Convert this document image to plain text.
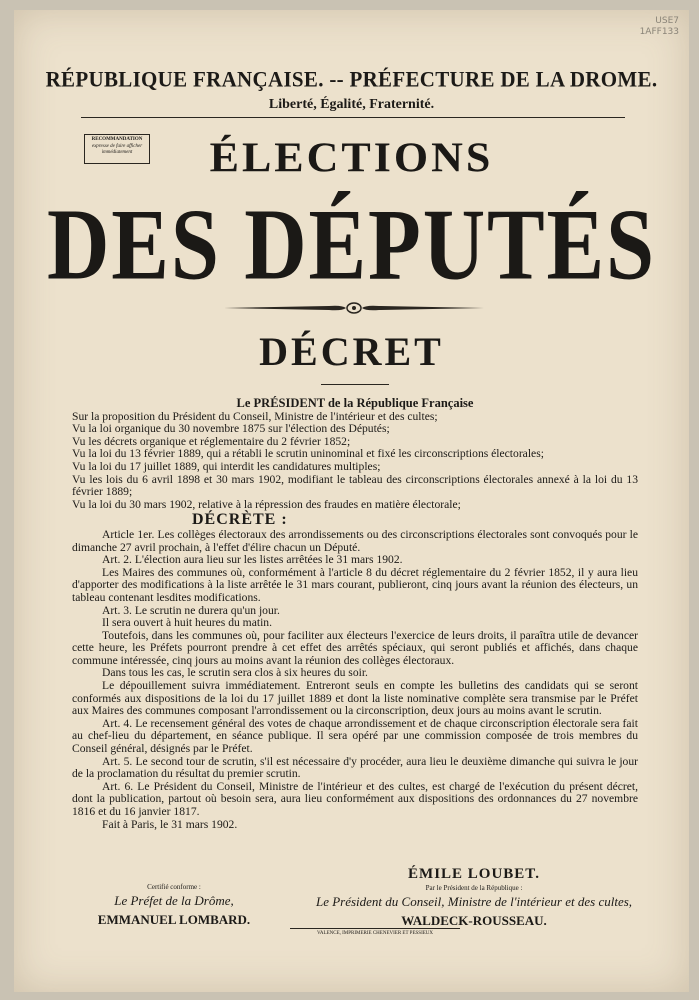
USE7
1AFF133
RÉPUBLIQUE FRANÇAISE. -- PRÉFECTURE DE LA DROME.
Liberté, Égalité, Fraternité.
RECOMMANDATION
expresse de faire afficher immédiatement	ÉLECTIONS
DES DÉPUTÉS
DÉCRET

Le PRÉSIDENT de la République Française

Sur la proposition du Président du Conseil, Ministre de l'intérieur et des cultes;

Vu la loi organique du 30 novembre 1875 sur l'élection des Députés;

Vu les décrets organique et réglementaire du 2 février 1852;

Vu la loi du 13 février 1889, qui a rétabli le scrutin uninominal et fixé les circonscriptions électorales;

Vu la loi du 17 juillet 1889, qui interdit les candidatures multiples;

Vu les lois du 6 avril 1898 et 30 mars 1902, modifiant le tableau des circonscriptions électorales annexé à la loi du 13 février 1889;

Vu la loi du 30 mars 1902, relative à la répression des fraudes en matière électorale;

DÉCRÈTE :

Article 1er. Les collèges électoraux des arrondissements ou des circonscriptions électorales sont convoqués pour le dimanche 27 avril prochain, à l'effet d'élire chacun un Député.

Art. 2. L'élection aura lieu sur les listes arrêtées le 31 mars 1902.

Les Maires des communes où, conformément à l'article 8 du décret réglementaire du 2 février 1852, il y aura lieu d'apporter des modifications à la liste arrêtée le 31 mars courant, publieront, cinq jours avant la réunion des électeurs, un tableau contenant lesdites modifications.

Art. 3. Le scrutin ne durera qu'un jour.

Il sera ouvert à huit heures du matin.

Toutefois, dans les communes où, pour faciliter aux électeurs l'exercice de leurs droits, il paraîtra utile de devancer cette heure, les Préfets pourront prendre à cet effet des arrêtés spéciaux, qui seront publiés et affichés, dans chaque commune intéressée, cinq jours au moins avant la réunion des collèges électoraux.

Dans tous les cas, le scrutin sera clos à six heures du soir.

Le dépouillement suivra immédiatement. Entreront seuls en compte les bulletins des candidats qui se seront conformés aux dispositions de la loi du 17 juillet 1889 et dont la liste nominative complète sera transmise par le Préfet aux Maires des communes composant l'arrondissement ou la circonscription, deux jours au moins avant le scrutin.

Art. 4. Le recensement général des votes de chaque arrondissement et de chaque circonscription électorale sera fait au chef-lieu du département, en séance publique. Il sera opéré par une commission composée de trois membres du Conseil général, désignés par le Préfet.

Art. 5. Le second tour de scrutin, s'il est nécessaire d'y procéder, aura lieu le deuxième dimanche qui suivra le jour de la proclamation du résultat du premier scrutin.

Art. 6. Le Président du Conseil, Ministre de l'intérieur et des cultes, est chargé de l'exécution du présent décret, dont la publication, partout où besoin sera, aura lieu conformément aux dispositions des ordonnances du 27 novembre 1816 et du 16 janvier 1817.

Fait à Paris, le 31 mars 1902.

ÉMILE LOUBET.
Par le Président de la République :
Le Président du Conseil, Ministre de l'intérieur et des cultes,
WALDECK-ROUSSEAU.
Certifié conforme :
Le Préfet de la Drôme,
EMMANUEL LOMBARD.
VALENCE, IMPRIMERIE CHENEVIER ET PESSIEUX
